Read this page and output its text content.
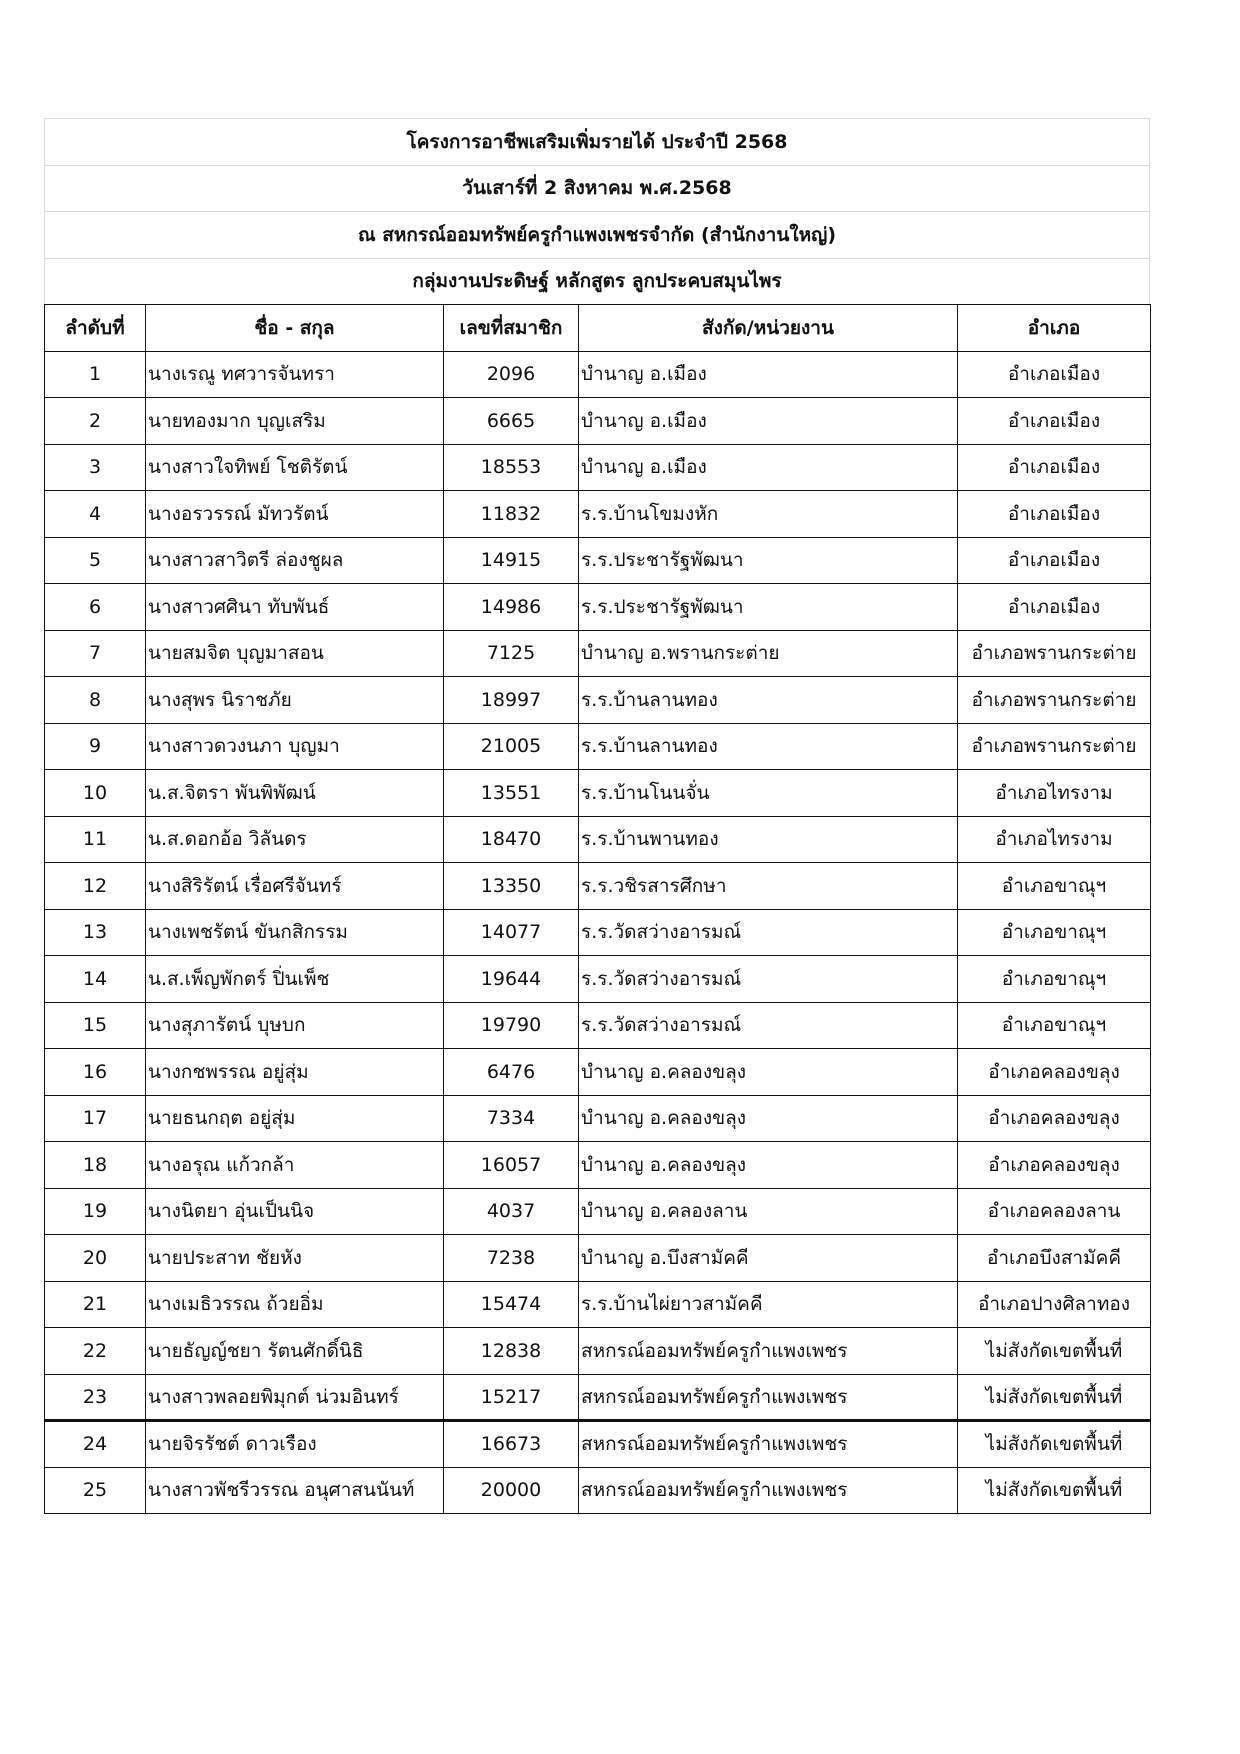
โครงการอาชีพเสริมเพิ่มรายได้ ประจำปี 2568
วันเสาร์ที่ 2 สิงหาคม พ.ศ.2568
ณ สหกรณ์ออมทรัพย์ครูกำแพงเพชรจำกัด (สำนักงานใหญ่)
กลุ่มงานประดิษฐ์ หลักสูตร ลูกประคบสมุนไพร
ลำดับที่	ชื่อ - สกุล	เลขที่สมาชิก	สังกัด/หน่วยงาน	อำเภอ
1	นางเรณู ทศวารจันทรา	2096	บำนาญ อ.เมือง	อำเภอเมือง
2	นายทองมาก บุญเสริม	6665	บำนาญ อ.เมือง	อำเภอเมือง
3	นางสาวใจทิพย์ โชติรัตน์	18553	บำนาญ อ.เมือง	อำเภอเมือง
4	นางอรวรรณ์ มัทวรัตน์	11832	ร.ร.บ้านโขมงหัก	อำเภอเมือง
5	นางสาวสาวิตรี ล่องชูผล	14915	ร.ร.ประชารัฐพัฒนา	อำเภอเมือง
6	นางสาวศศินา ทับพันธ์	14986	ร.ร.ประชารัฐพัฒนา	อำเภอเมือง
7	นายสมจิต บุญมาสอน	7125	บำนาญ อ.พรานกระต่าย	อำเภอพรานกระต่าย
8	นางสุพร นิราชภัย	18997	ร.ร.บ้านลานทอง	อำเภอพรานกระต่าย
9	นางสาวดวงนภา บุญมา	21005	ร.ร.บ้านลานทอง	อำเภอพรานกระต่าย
10	น.ส.จิตรา พันพิพัฒน์	13551	ร.ร.บ้านโนนจั่น	อำเภอไทรงาม
11	น.ส.ดอกอ้อ วิลันดร	18470	ร.ร.บ้านพานทอง	อำเภอไทรงาม
12	นางสิริรัตน์ เรื่อศรีจันทร์	13350	ร.ร.วชิรสารศึกษา	อำเภอขาณุฯ
13	นางเพชรัตน์ ขันกสิกรรม	14077	ร.ร.วัดสว่างอารมณ์	อำเภอขาณุฯ
14	น.ส.เพ็ญพักตร์ ปิ่นเพ็ช	19644	ร.ร.วัดสว่างอารมณ์	อำเภอขาณุฯ
15	นางสุภารัตน์ บุษบก	19790	ร.ร.วัดสว่างอารมณ์	อำเภอขาณุฯ
16	นางกชพรรณ อยู่สุ่ม	6476	บำนาญ อ.คลองขลุง	อำเภอคลองขลุง
17	นายธนกฤต อยู่สุ่ม	7334	บำนาญ อ.คลองขลุง	อำเภอคลองขลุง
18	นางอรุณ แก้วกล้า	16057	บำนาญ อ.คลองขลุง	อำเภอคลองขลุง
19	นางนิตยา อุ่นเป็นนิจ	4037	บำนาญ อ.คลองลาน	อำเภอคลองลาน
20	นายประสาท ชัยหัง	7238	บำนาญ อ.บึงสามัคคี	อำเภอบึงสามัคคี
21	นางเมธิวรรณ ถ้วยอิ่ม	15474	ร.ร.บ้านไผ่ยาวสามัคคี	อำเภอปางศิลาทอง
22	นายธัญญ์ชยา รัตนศักดิ์นิธิ	12838	สหกรณ์ออมทรัพย์ครูกำแพงเพชร	ไม่สังกัดเขตพื้นที่
23	นางสาวพลอยพิมุกต์ น่วมอินทร์	15217	สหกรณ์ออมทรัพย์ครูกำแพงเพชร	ไม่สังกัดเขตพื้นที่
24	นายจิรรัชต์ ดาวเรือง	16673	สหกรณ์ออมทรัพย์ครูกำแพงเพชร	ไม่สังกัดเขตพื้นที่
25	นางสาวพัชรีวรรณ อนุศาสนนันท์	20000	สหกรณ์ออมทรัพย์ครูกำแพงเพชร	ไม่สังกัดเขตพื้นที่
